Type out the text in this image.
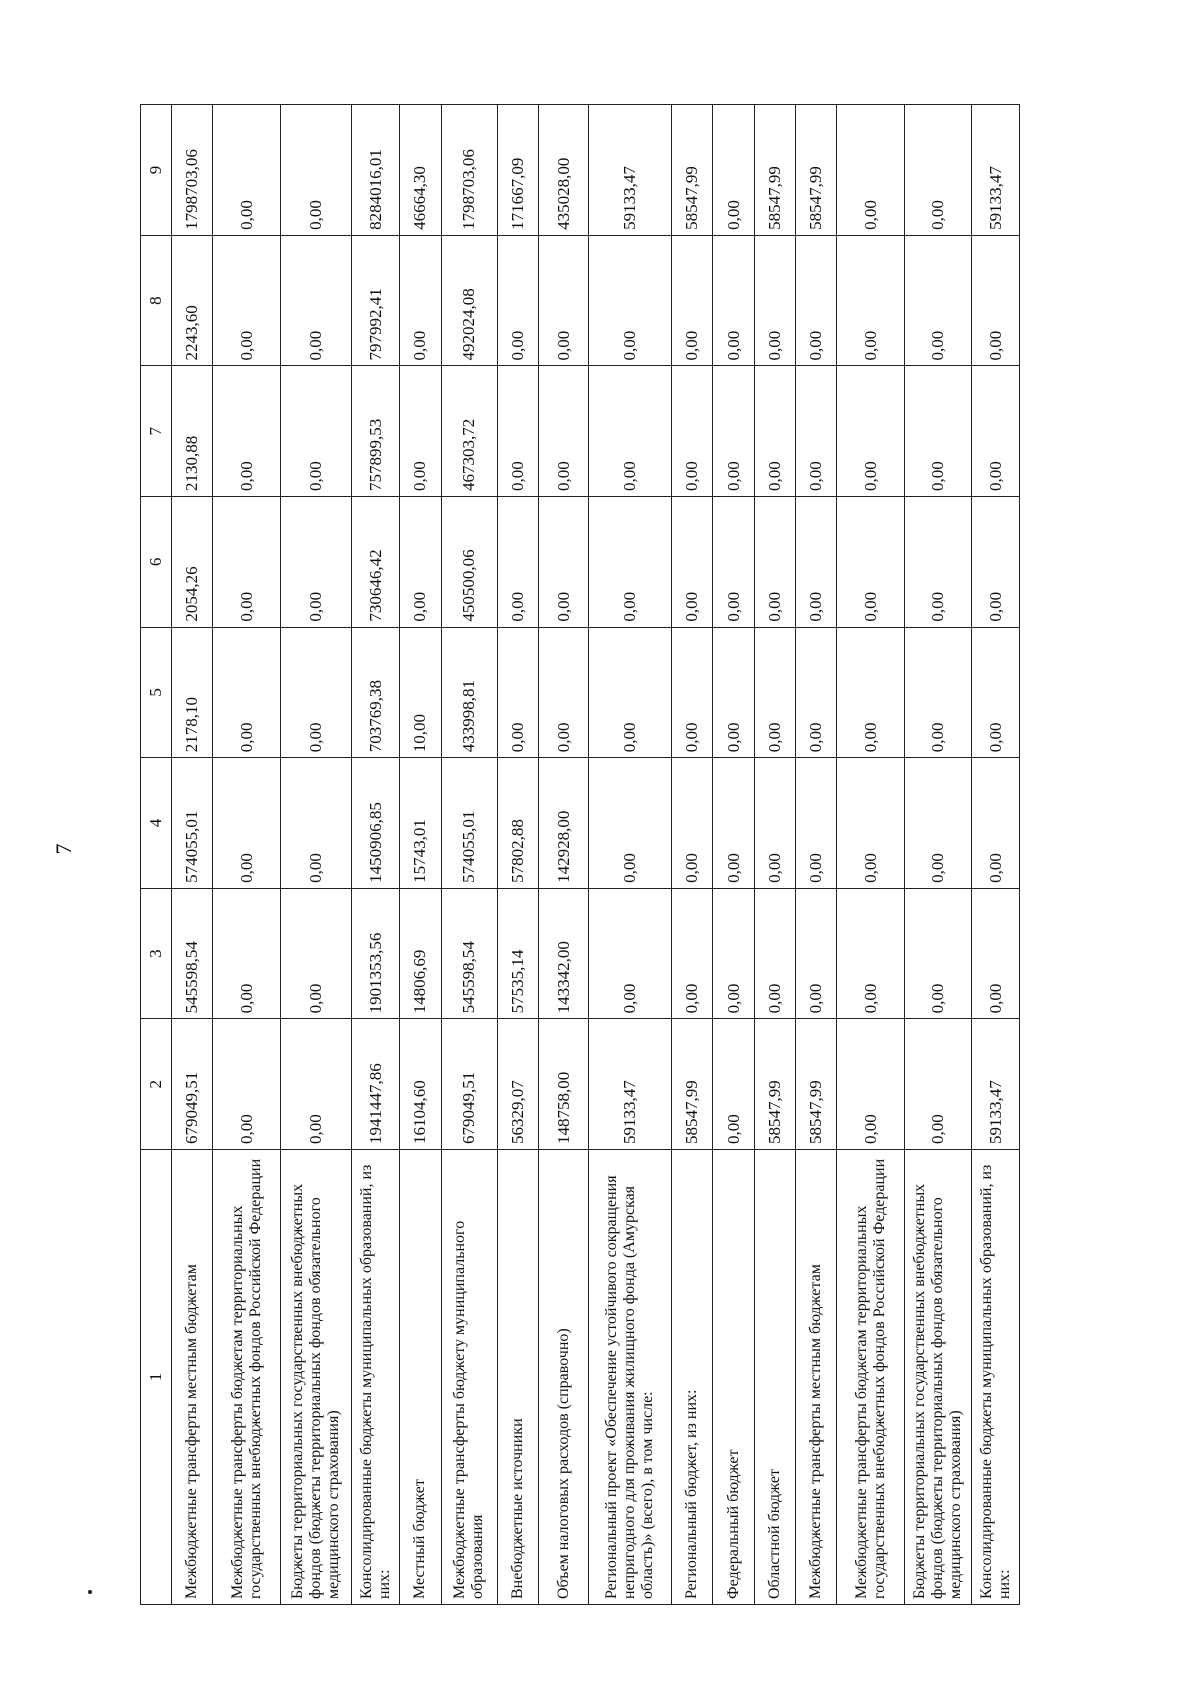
7
1	2	3	4	5	6	7	8	9
Межбюджетные трансферты местным бюджетам	679049,51	545598,54	574055,01	2178,10	2054,26	2130,88	2243,60	1798703,06
Межбюджетные трансферты бюджетам территориальных государственных внебюджетных фондов Российской Федерации	0,00	0,00	0,00	0,00	0,00	0,00	0,00	0,00
Бюджеты территориальных государственных внебюджетных фондов (бюджеты территориальных фондов обязательного медицинского страхования)	0,00	0,00	0,00	0,00	0,00	0,00	0,00	0,00
Консолидированные бюджеты муниципальных образований, из них:	1941447,86	1901353,56	1450906,85	703769,38	730646,42	757899,53	797992,41	8284016,01
Местный бюджет	16104,60	14806,69	15743,01	10,00	0,00	0,00	0,00	46664,30
Межбюджетные трансферты бюджету муниципального образования	679049,51	545598,54	574055,01	433998,81	450500,06	467303,72	492024,08	1798703,06
Внебюджетные источники	56329,07	57535,14	57802,88	0,00	0,00	0,00	0,00	171667,09
Объем налоговых расходов (справочно)	148758,00	143342,00	142928,00	0,00	0,00	0,00	0,00	435028,00
Региональный проект «Обеспечение устойчивого сокращения непригодного для проживания жилищного фонда (Амурская область)» (всего), в том числе:	59133,47	0,00	0,00	0,00	0,00	0,00	0,00	59133,47
Региональный бюджет, из них:	58547,99	0,00	0,00	0,00	0,00	0,00	0,00	58547,99
Федеральный бюджет	0,00	0,00	0,00	0,00	0,00	0,00	0,00	0,00
Областной бюджет	58547,99	0,00	0,00	0,00	0,00	0,00	0,00	58547,99
Межбюджетные трансферты местным бюджетам	58547,99	0,00	0,00	0,00	0,00	0,00	0,00	58547,99
Межбюджетные трансферты бюджетам территориальных государственных внебюджетных фондов Российской Федерации	0,00	0,00	0,00	0,00	0,00	0,00	0,00	0,00
Бюджеты территориальных государственных внебюджетных фондов (бюджеты территориальных фондов обязательного медицинского страхования)	0,00	0,00	0,00	0,00	0,00	0,00	0,00	0,00
Консолидированные бюджеты муниципальных образований, из них:	59133,47	0,00	0,00	0,00	0,00	0,00	0,00	59133,47
